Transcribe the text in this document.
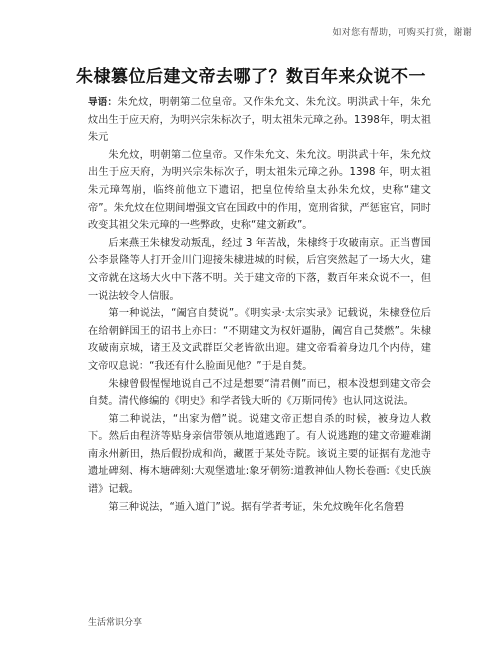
如对您有帮助，可购买打赏，谢谢
朱棣篡位后建文帝去哪了？数百年来众说不一

导语：朱允炆，明朝第二位皇帝。又作朱允文、朱允汶。明洪武十年，朱允炆出生于应天府，为明兴宗朱标次子，明太祖朱元璋之孙。1398年，明太祖朱元

朱允炆，明朝第二位皇帝。又作朱允文、朱允汶。明洪武十年，朱允炆出生于应天府，为明兴宗朱标次子，明太祖朱元璋之孙。1398 年，明太祖朱元璋驾崩，临终前他立下遗诏，把皇位传给皇太孙朱允炆，史称“建文帝”。朱允炆在位期间增强文官在国政中的作用，宽刑省狱，严惩宦官，同时改变其祖父朱元璋的一些弊政，史称“建文新政”。

后来燕王朱棣发动叛乱，经过 3 年苦战，朱棣终于攻破南京。正当曹国公李景隆等人打开金川门迎接朱棣进城的时候，后宫突然起了一场大火，建文帝就在这场大火中下落不明。关于建文帝的下落，数百年来众说不一，但一说法较令人信服。

第一种说法，“阖宫自焚说”。《明实录·太宗实录》记载说，朱棣登位后在给朝鲜国王的诏书上亦曰：“不期建文为权奸逼胁，阖宫自己焚燃”。朱棣攻破南京城，诸王及文武群臣父老皆欲出迎。建文帝看着身边几个内侍，建文帝叹息说：“我还有什么脸面见他？”于是自焚。

朱棣曾假惺惺地说自己不过是想要“清君侧”而已，根本没想到建文帝会自焚。清代修编的《明史》和学者钱大昕的《万斯同传》也认同这说法。

第二种说法，“出家为僧”说。说建文帝正想自杀的时候，被身边人救下。然后由程济等贴身亲信带领从地道逃跑了。有人说逃跑的建文帝避难湖南永州新田，热后假扮成和尚，藏匿于某处寺院。该说主要的证据有龙池寺遗址碑刻、梅木塘碑刻:大观堡遗址:象牙朝笏:道教神仙人物长卷画:《史氏族谱》记载。

第三种说法，“遁入道门”说。据有学者考证，朱允炆晚年化名詹碧

生活常识分享
